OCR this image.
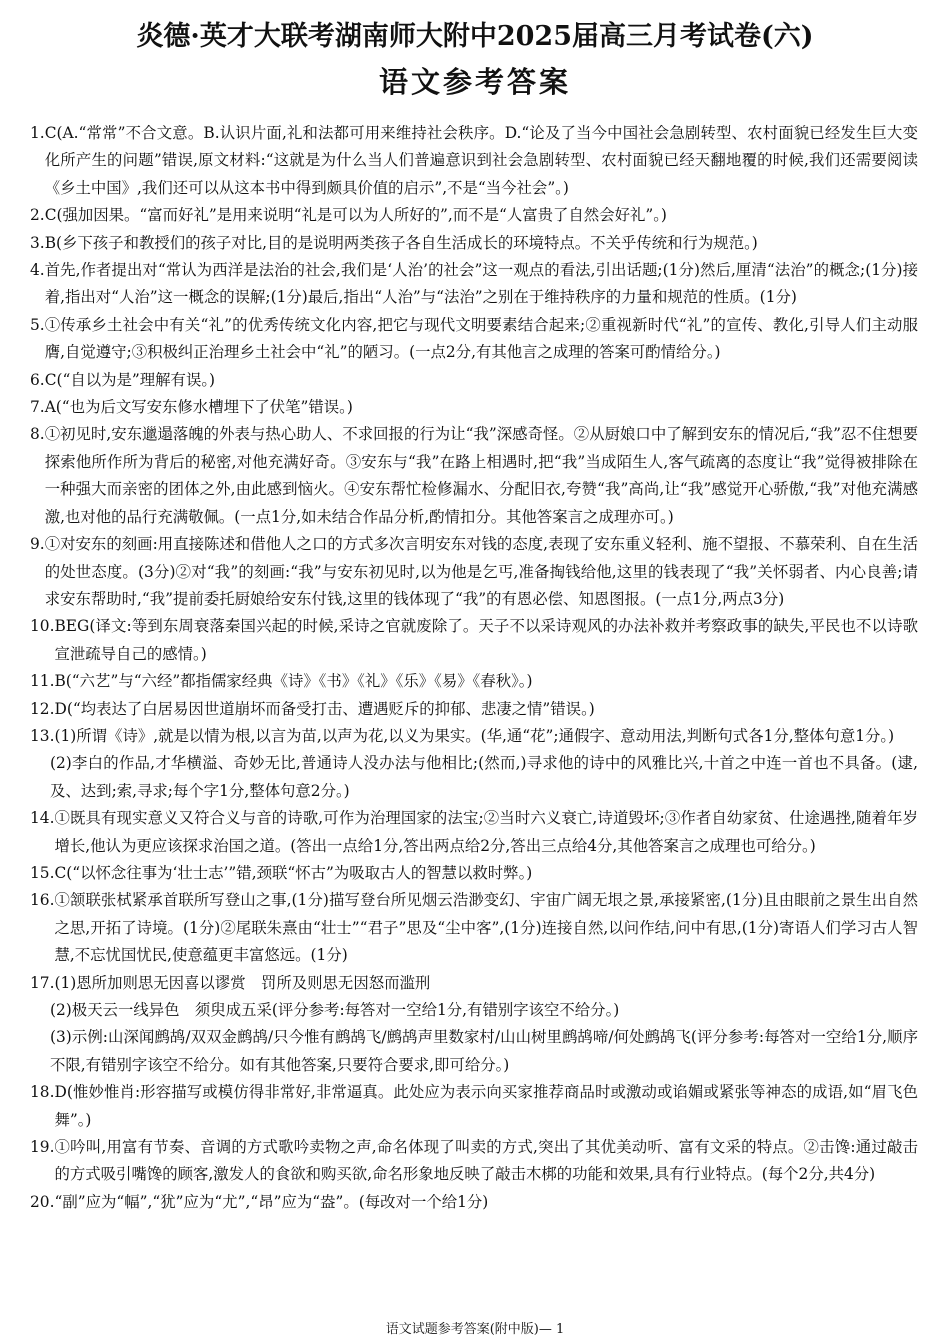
炎德·英才大联考湖南师大附中2025届高三月考试卷(六)
语文参考答案
1. C(A.“常常”不合文意。B.认识片面,礼和法都可用来维持社会秩序。D.“论及了当今中国社会急剧转型、农村面貌已经发生巨大变化所产生的问题”错误,原文材料:“这就是为什么当人们普遍意识到社会急剧转型、农村面貌已经天翻地覆的时候,我们还需要阅读《乡土中国》,我们还可以从这本书中得到颇具价值的启示”,不是“当今社会”。)
2. C(强加因果。“富而好礼”是用来说明“礼是可以为人所好的”,而不是“人富贵了自然会好礼”。)
3. B(乡下孩子和教授们的孩子对比,目的是说明两类孩子各自生活成长的环境特点。不关乎传统和行为规范。)
4. 首先,作者提出对“常认为西洋是法治的社会,我们是‘人治’的社会”这一观点的看法,引出话题;(1分)然后,厘清“法治”的概念;(1分)接着,指出对“人治”这一概念的误解;(1分)最后,指出“人治”与“法治”之别在于维持秩序的力量和规范的性质。(1分)
5. ①传承乡土社会中有关“礼”的优秀传统文化内容,把它与现代文明要素结合起来;②重视新时代“礼”的宣传、教化,引导人们主动服膺,自觉遵守;③积极纠正治理乡土社会中“礼”的陋习。(一点2分,有其他言之成理的答案可酌情给分。)
6. C(“自以为是”理解有误。)
7. A(“也为后文写安东修水槽埋下了伏笔”错误。)
8. ①初见时,安东邋遢落魄的外表与热心助人、不求回报的行为让“我”深感奇怪。②从厨娘口中了解到安东的情况后,“我”忍不住想要探索他所作所为背后的秘密,对他充满好奇。③安东与“我”在路上相遇时,把“我”当成陌生人,客气疏离的态度让“我”觉得被排除在一种强大而亲密的团体之外,由此感到恼火。④安东帮忙检修漏水、分配旧衣,夸赞“我”高尚,让“我”感觉开心骄傲,“我”对他充满感激,也对他的品行充满敬佩。(一点1分,如未结合作品分析,酌情扣分。其他答案言之成理亦可。)
9. ①对安东的刻画:用直接陈述和借他人之口的方式多次言明安东对钱的态度,表现了安东重义轻利、施不望报、不慕荣利、自在生活的处世态度。(3分)②对“我”的刻画:“我”与安东初见时,以为他是乞丐,准备掏钱给他,这里的钱表现了“我”关怀弱者、内心良善;请求安东帮助时,“我”提前委托厨娘给安东付钱,这里的钱体现了“我”的有恩必偿、知恩图报。(一点1分,两点3分)
10. BEG(译文:等到东周衰落秦国兴起的时候,采诗之官就废除了。天子不以采诗观风的办法补救并考察政事的缺失,平民也不以诗歌宣泄疏导自己的感情。)
11. B(“六艺”与“六经”都指儒家经典《诗》《书》《礼》《乐》《易》《春秋》。)
12. D(“均表达了白居易因世道崩坏而备受打击、遭遇贬斥的抑郁、悲凄之情”错误。)
13. (1)所谓《诗》,就是以情为根,以言为苗,以声为花,以义为果实。(华,通“花”;通假字、意动用法,判断句式各1分,整体句意1分。)
(2)李白的作品,才华横溢、奇妙无比,普通诗人没办法与他相比;(然而,)寻求他的诗中的风雅比兴,十首之中连一首也不具备。(逮,及、达到;索,寻求;每个字1分,整体句意2分。)
14. ①既具有现实意义又符合义与音的诗歌,可作为治理国家的法宝;②当时六义衰亡,诗道毁坏;③作者自幼家贫、仕途遇挫,随着年岁增长,他认为更应该探求治国之道。(答出一点给1分,答出两点给2分,答出三点给4分,其他答案言之成理也可给分。)
15. C(“以怀念往事为‘壮士志’”错,颈联“怀古”为吸取古人的智慧以救时弊。)
16. ①颔联张栻紧承首联所写登山之事,(1分)描写登台所见烟云浩渺变幻、宇宙广阔无垠之景,承接紧密,(1分)且由眼前之景生出自然之思,开拓了诗境。(1分)②尾联朱熹由“壮士”“君子”思及“尘中客”,(1分)连接自然,以问作结,问中有思,(1分)寄语人们学习古人智慧,不忘忧国忧民,使意蕴更丰富悠远。(1分)
17. (1)恩所加则思无因喜以谬赏　罚所及则思无因怒而滥刑
(2)极天云一线异色　须臾成五采(评分参考:每答对一空给1分,有错别字该空不给分。)
(3)示例:山深闻鹧鸪/双双金鹧鸪/只今惟有鹧鸪飞/鹧鸪声里数家村/山山树里鹧鸪啼/何处鹧鸪飞(评分参考:每答对一空给1分,顺序不限,有错别字该空不给分。如有其他答案,只要符合要求,即可给分。)
18. D(惟妙惟肖:形容描写或模仿得非常好,非常逼真。此处应为表示向买家推荐商品时或激动或谄媚或紧张等神态的成语,如“眉飞色舞”。)
19. ①吟叫,用富有节奏、音调的方式歌吟卖物之声,命名体现了叫卖的方式,突出了其优美动听、富有文采的特点。②击馋:通过敲击的方式吸引嘴馋的顾客,激发人的食欲和购买欲,命名形象地反映了敲击木梆的功能和效果,具有行业特点。(每个2分,共4分)
20. “副”应为“幅”,“犹”应为“尤”,“昂”应为“盎”。(每改对一个给1分)
语文试题参考答案(附中版)— 1
